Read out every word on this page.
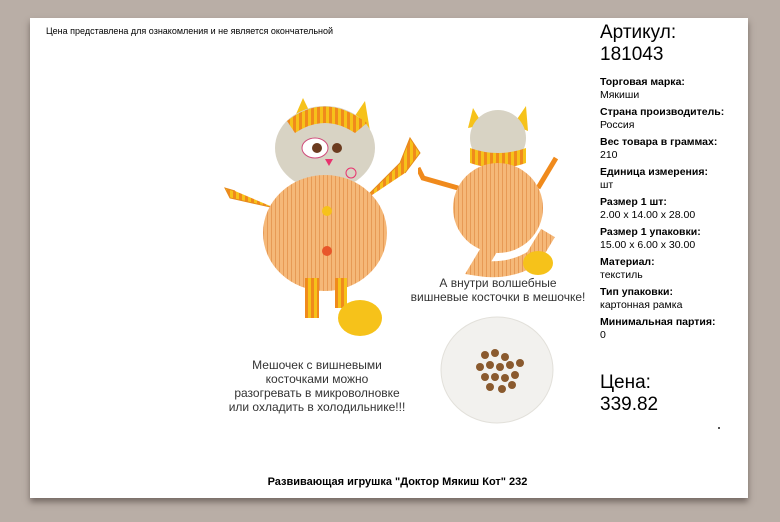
Цена представлена для ознакомления и не является окончательной
А внутри волшебные
вишневые косточки в мешочке!
Мешочек с вишневыми
косточками можно
разогревать в микроволновке
или охладить в холодильнике!!!
Артикул:
181043
Торговая марка:
Мякиши
Страна производитель:
Россия
Вес товара в граммах:
210
Единица измерения:
шт
Размер 1 шт:
2.00 x 14.00 x 28.00
Размер 1 упаковки:
15.00 x 6.00 x 30.00
Материал:
текстиль
Тип упаковки:
картонная рамка
Минимальная партия:
0
Цена:
339.82
Развивающая игрушка "Доктор Мякиш Кот" 232
